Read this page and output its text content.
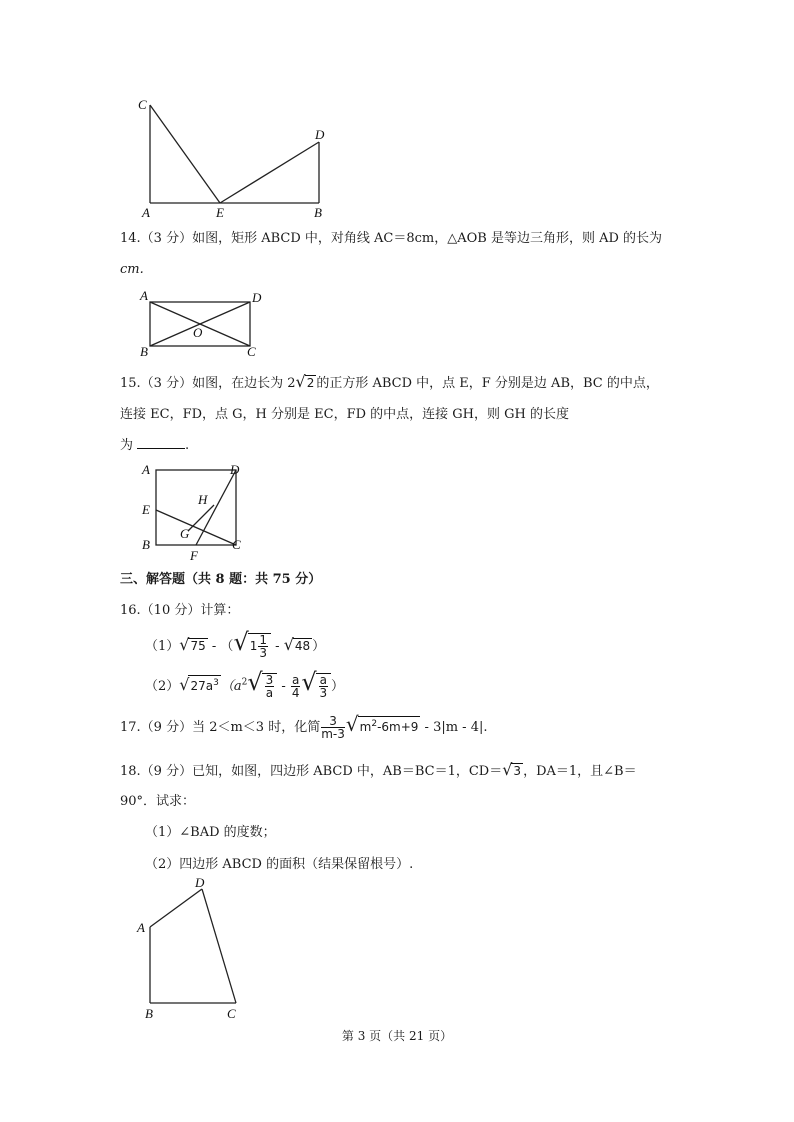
C
D
A	E	B
14.（3 分）如图，矩形 ABCD 中，对角线 AC＝8cm，△AOB 是等边三角形，则 AD 的长为
cm.
A	D
O
B	C
15.（3 分）如图，在边长为 2√2 的正方形 ABCD 中，点 E，F 分别是边 AB，BC 的中点，
连接 EC，FD，点 G，H 分别是 EC，FD 的中点，连接 GH，则 GH 的长度
为	.
A	D
H
E
G
B
F
C
三、解答题（共 8 题：共 75 分）
16.（10 分）计算：
$(1)√75 - (√1 \frac{1}{3} - √48$ ）
$(2)√27a^3$ （$a^2√ \frac{3}{a} - \frac{a}{4}$ √ $\frac{a}{3}$ ）
17.（9 分）当 2＜m＜3 时，化简 $\frac{3}{m-3} √m^2-6m+9 - 3|m - 4|$.
18.（9 分）已知，如图，四边形 ABCD 中，AB＝BC＝1，CD＝√3 ，DA＝1，且∠B＝
90°．试求：
（1）∠BAD 的度数；
（2）四边形 ABCD 的面积（结果保留根号）.
D
A
B	C
第 3 页（共 21 页）
